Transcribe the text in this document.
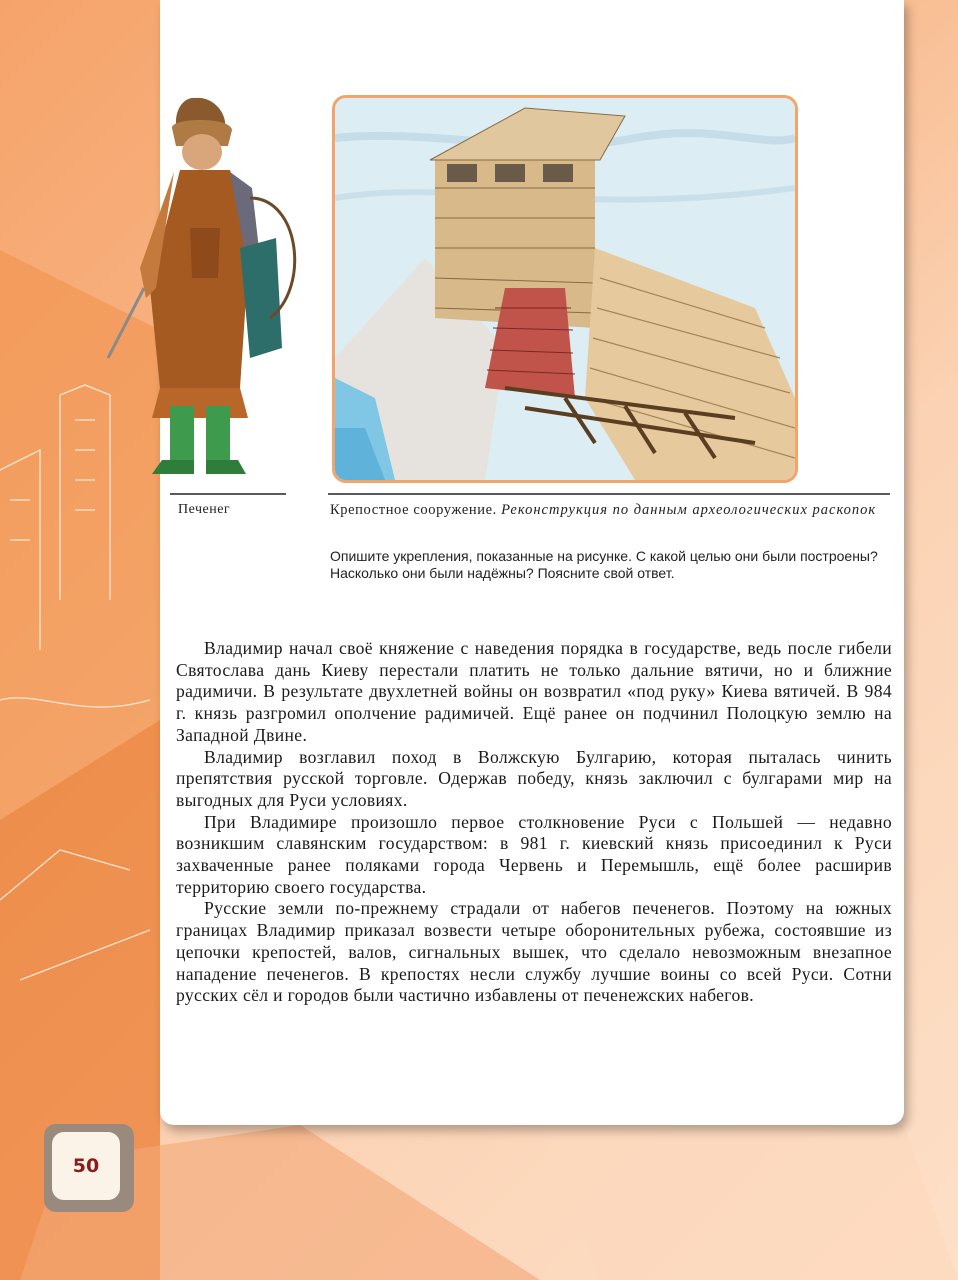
Печенег	Крепостное сооружение. Реконструкция по данным археологических раскопок
Опишите укрепления, показанные на рисунке. С какой целью они были построены? Насколько они были надёжны? Поясните свой ответ.

Владимир начал своё княжение с наведения порядка в государстве, ведь после гибели Святослава дань Киеву перестали платить не только дальние вятичи, но и ближние радимичи. В результате двухлетней войны он возвратил «под руку» Киева вятичей. В 984 г. князь разгромил ополчение радимичей. Ещё ранее он подчинил Полоцкую землю на Западной Двине.

Владимир возглавил поход в Волжскую Булгарию, которая пыталась чинить препятствия русской торговле. Одержав победу, князь заключил с булгарами мир на выгодных для Руси условиях.

При Владимире произошло первое столкновение Руси с Польшей — недавно возникшим славянским государством: в 981 г. киевский князь присоединил к Руси захваченные ранее поляками города Червень и Перемышль, ещё более расширив территорию своего государства.

Русские земли по-прежнему страдали от набегов печенегов. Поэтому на южных границах Владимир приказал возвести четыре оборонительных рубежа, состоявшие из цепочки крепостей, валов, сигнальных вышек, что сделало невозможным внезапное нападение печенегов. В крепостях несли службу лучшие воины со всей Руси. Сотни русских сёл и городов были частично избавлены от печенежских набегов.

50
